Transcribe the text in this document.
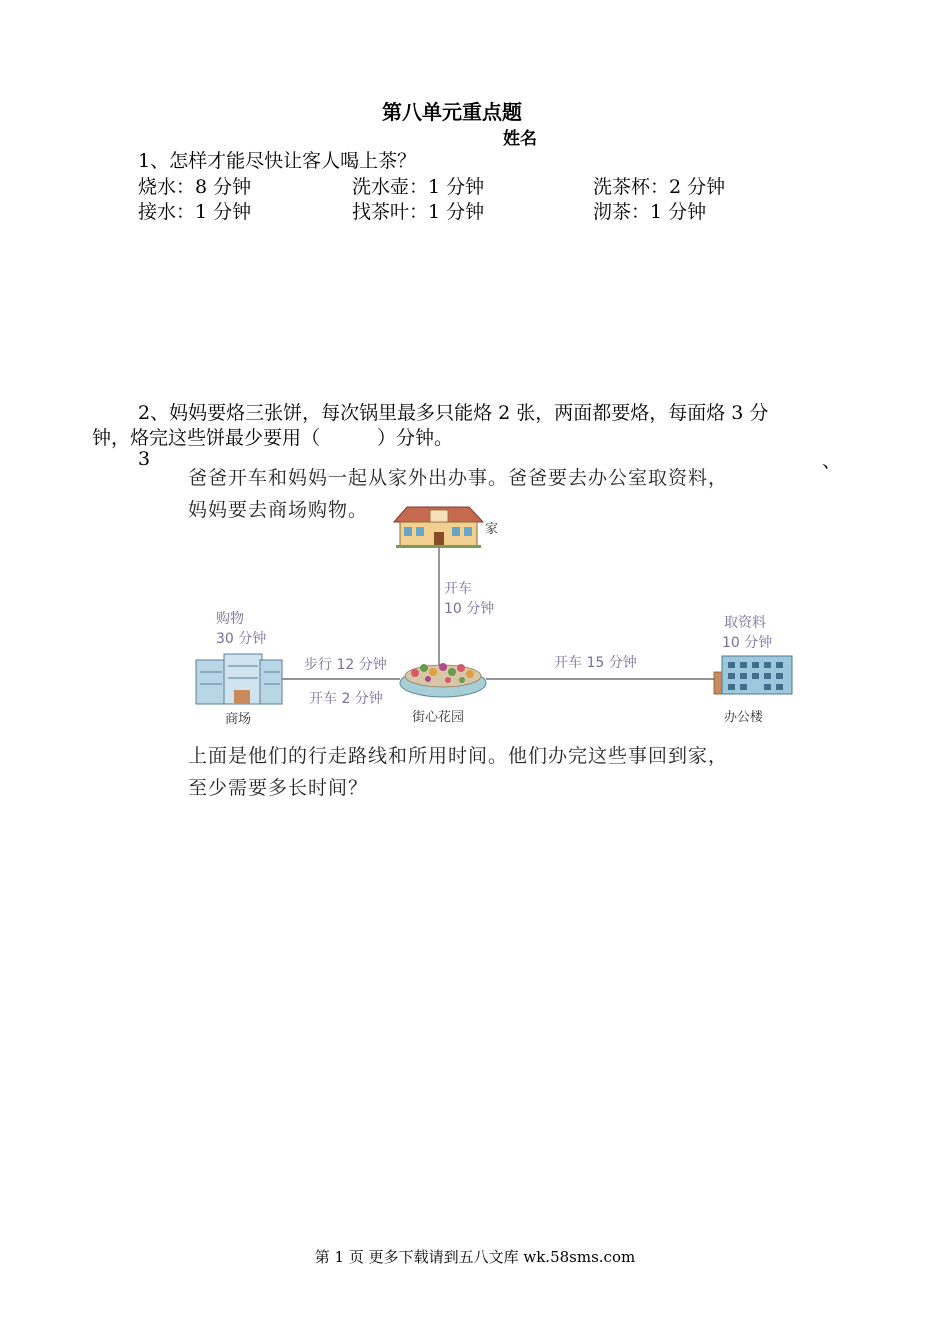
第八单元重点题
姓名
1、怎样才能尽快让客人喝上茶？
烧水：8 分钟	洗水壶：1 分钟	洗茶杯：2 分钟
接水：1 分钟	找茶叶：1 分钟	沏茶：1 分钟
2、妈妈要烙三张饼，每次锅里最多只能烙 2 张，两面都要烙，每面烙 3 分
钟，烙完这些饼最少要用（　　　）分钟。
3	、
爸爸开车和妈妈一起从家外出办事。爸爸要去办公室取资料，
妈妈要去商场购物。
家
开车
10 分钟
购物
30 分钟
步行 12 分钟
开车 2 分钟
开车 15 分钟
取资料
10 分钟
商场	街心花园	办公楼
上面是他们的行走路线和所用时间。他们办完这些事回到家，
至少需要多长时间？
第 1 页 更多下载请到五八文库 wk.58sms.com
